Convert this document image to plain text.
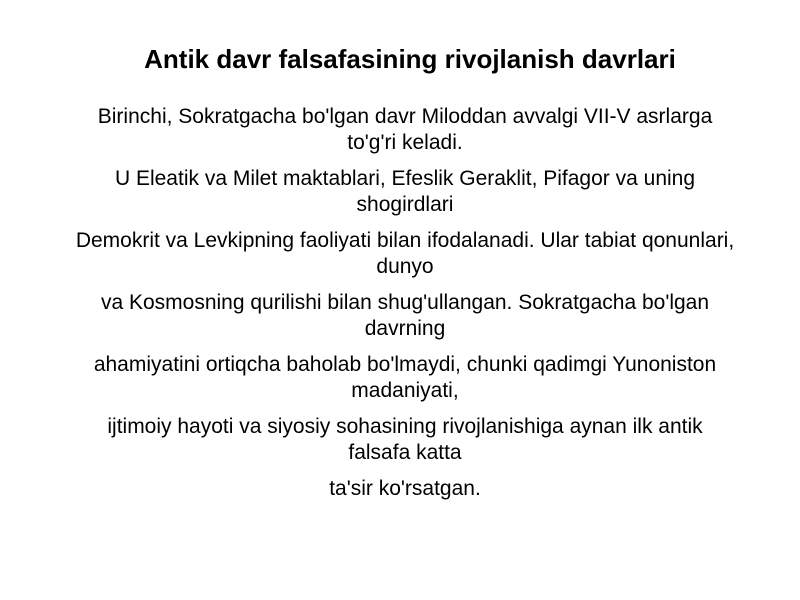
Antik davr falsafasining rivojlanish davrlari

Birinchi, Sokratgacha bo'lgan davr Miloddan avvalgi VII-V asrlarga to'g'ri keladi.

U Eleatik va Milet maktablari, Efeslik Geraklit, Pifagor va uning shogirdlari

Demokrit va Levkipning faoliyati bilan ifodalanadi. Ular tabiat qonunlari, dunyo

va Kosmosning qurilishi bilan shug'ullangan. Sokratgacha bo'lgan davrning

ahamiyatini ortiqcha baholab bo'lmaydi, chunki qadimgi Yunoniston madaniyati,

ijtimoiy hayoti va siyosiy sohasining rivojlanishiga aynan ilk antik falsafa katta

ta'sir ko'rsatgan.
